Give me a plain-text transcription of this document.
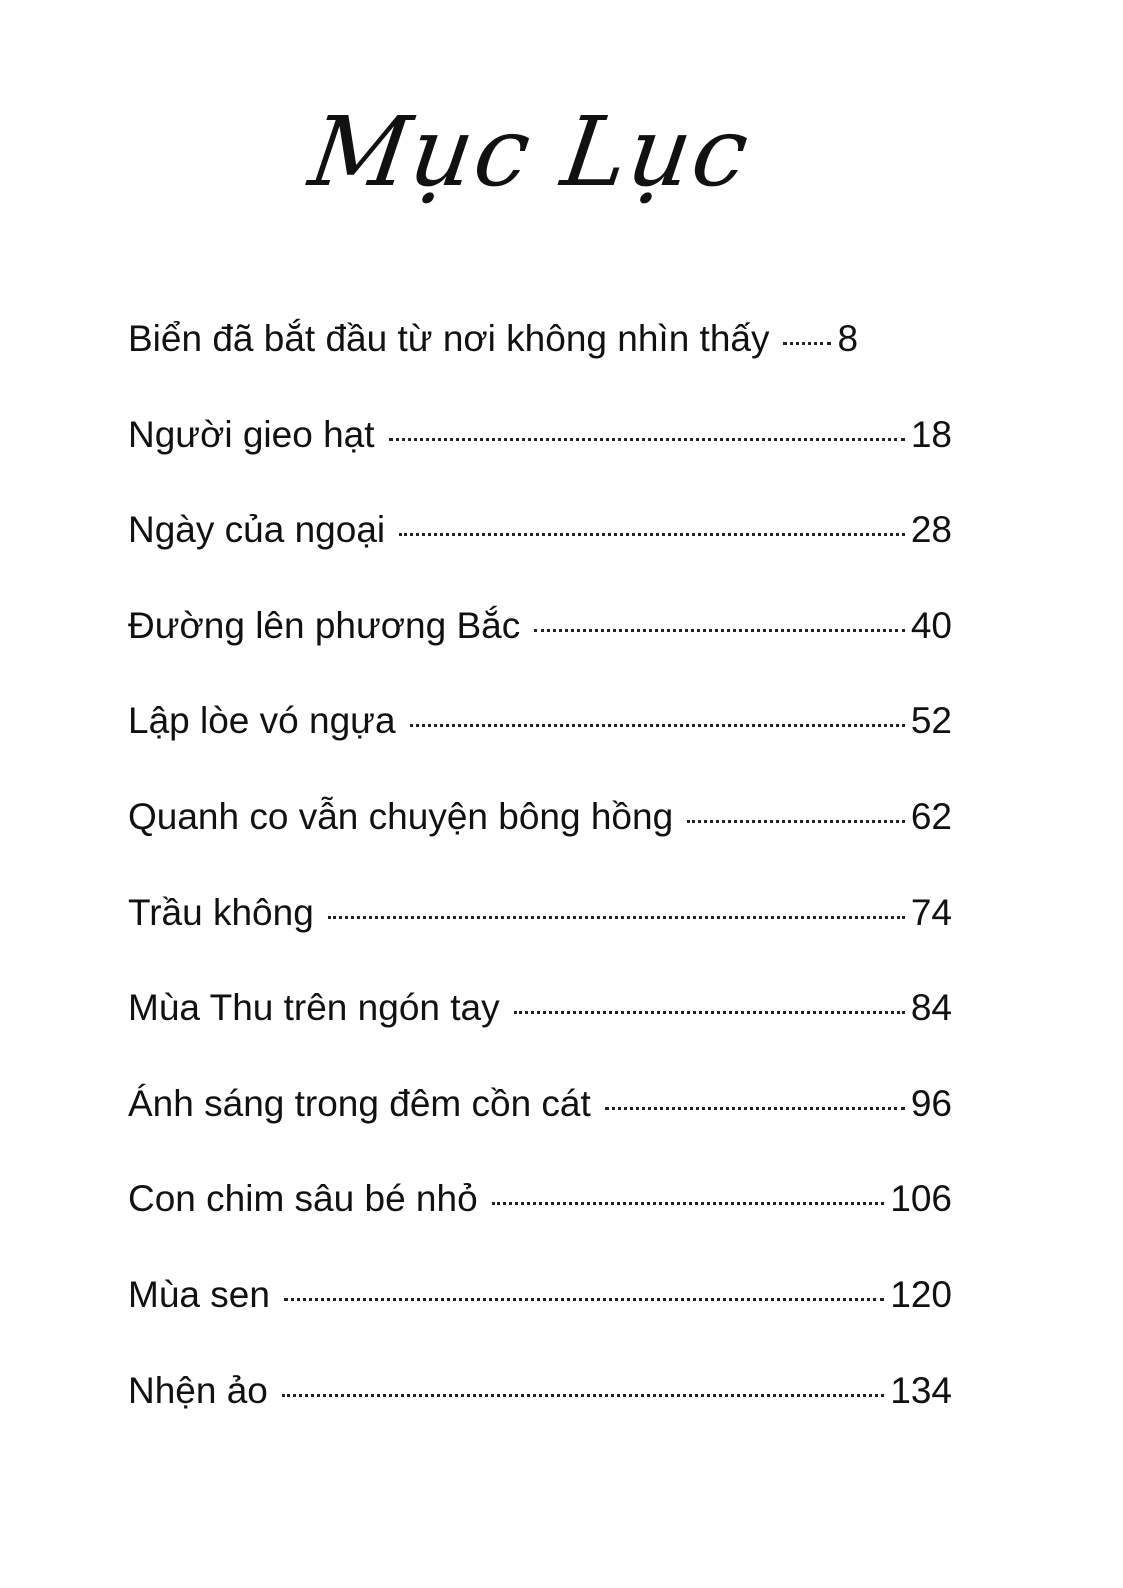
Mục Lục
Biển đã bắt đầu từ nơi không nhìn thấy 8
Người gieo hạt	18
Ngày của ngoại	28
Đường lên phương Bắc	40
Lập lòe vó ngựa	52
Quanh co vẫn chuyện bông hồng	62
Trầu không	74
Mùa Thu trên ngón tay	84
Ánh sáng trong đêm cồn cát	96
Con chim sâu bé nhỏ	106
Mùa sen	120
Nhện ảo	134
